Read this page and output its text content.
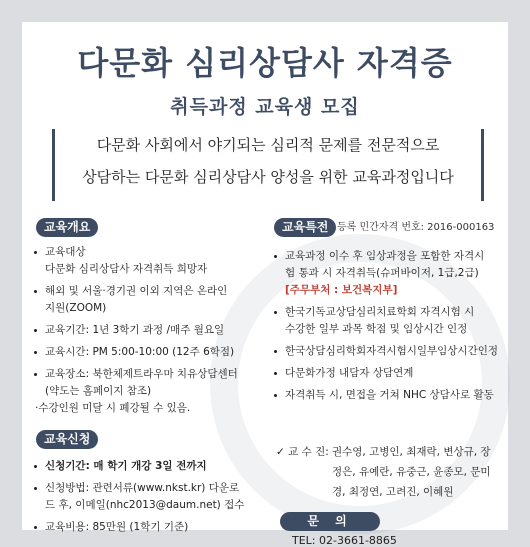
다문화 심리상담사 자격증
취득과정 교육생 모집
다문화 사회에서 야기되는 심리적 문제를 전문적으로
상담하는 다문화 심리상담사 양성을 위한 교육과정입니다
교육개요
교육대상
다문화 심리상담사 자격취득 희망자
해외 및 서울·경기권 이외 지역은 온라인
지원(ZOOM)
교육기간: 1년 3학기 과정 /매주 월요일
교육시간: PM 5:00-10:00 (12주 6학점)
교육장소: 북한체제트라우마 치유상담센터
(약도는 홈페이지 참조)
·수강인원 미달 시 폐강될 수 있음.
교육신청
신청기간: 매 학기 개강 3일 전까지
신청방법: 관련서류(www.nkst.kr) 다운로
드 후, 이메일(nhc2013@daum.net) 접수
교육비용: 85만원 (1학기 기준)
교육특전 등록 민간자격 번호: 2016-000163
교육과정 이수 후 임상과정을 포함한 자격시
험 통과 시 자격취득(슈퍼바이저, 1급,2급)
[주무부처 : 보건복지부]
한국기독교상담심리치료학회 자격시험 시
수강한 일부 과목 학점 및 임상시간 인정
한국상담심리학회자격시험시일부임상시간인정
다문화가정 내담자 상담연계
자격취득 시, 면접을 거쳐 NHC 상담사로 활동
✓ 교 수 진: 권수영, 고병인, 최재락, 변상규, 장정은, 유예란, 유중근, 윤종모, 문미경, 최정연, 고려진, 이혜원
문 의
TEL: 02-3661-8865
